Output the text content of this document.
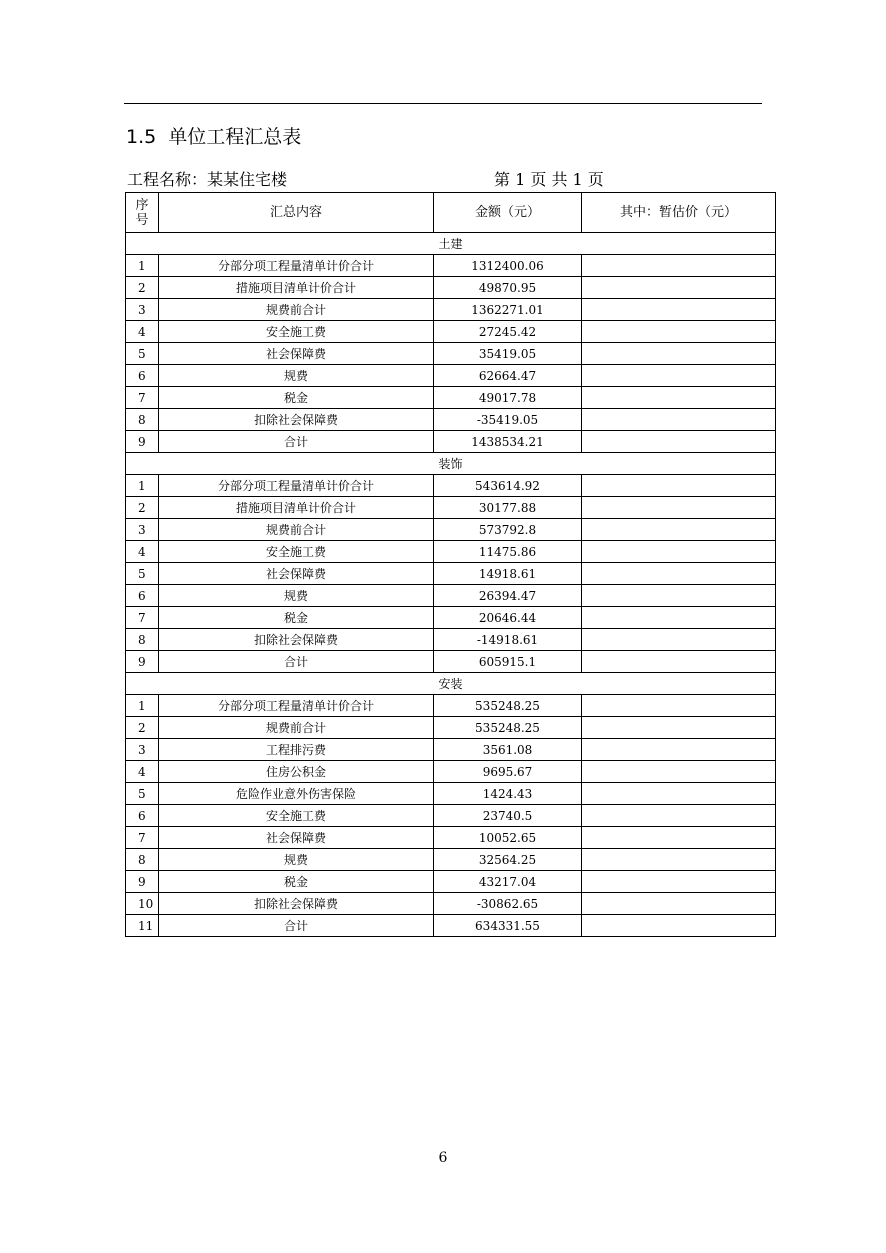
1.5 单位工程汇总表
工程名称：某某住宅楼	第 1 页 共 1 页
序
号	汇总内容	金额（元）	其中：暂估价（元）
土建			
1	分部分项工程量清单计价合计	1312400.06	
2	措施项目清单计价合计	49870.95	
3	规费前合计	1362271.01	
4	安全施工费	27245.42	
5	社会保障费	35419.05	
6	规费	62664.47	
7	税金	49017.78	
8	扣除社会保障费	-35419.05	
9	合计	1438534.21	
装饰			
1	分部分项工程量清单计价合计	543614.92	
2	措施项目清单计价合计	30177.88	
3	规费前合计	573792.8	
4	安全施工费	11475.86	
5	社会保障费	14918.61	
6	规费	26394.47	
7	税金	20646.44	
8	扣除社会保障费	-14918.61	
9	合计	605915.1	
安装			
1	分部分项工程量清单计价合计	535248.25	
2	规费前合计	535248.25	
3	工程排污费	3561.08	
4	住房公积金	9695.67	
5	危险作业意外伤害保险	1424.43	
6	安全施工费	23740.5	
7	社会保障费	10052.65	
8	规费	32564.25	
9	税金	43217.04	
10	扣除社会保障费	-30862.65	
11	合计	634331.55	
6
